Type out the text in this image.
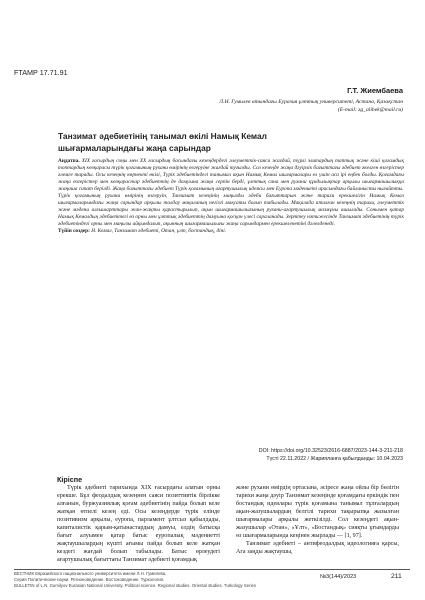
FTAMP 17.71.91
Г.Т. Жиембаева
Л.Н. Гумилев атындағы Еуразия ұлттық университеті, Астана, Қазақстан
(E-mail: zg_alibek@mail.ru)
Танзимат әдебиетінің танымал өкілі Намық Кемал
шығармаларындағы жаңа сарындар

Аңдатпа. XIX ғасырдың соңы мен XX ғасырдың басындағы кезеңдердегі әлеуметтік-саяси жағдай, түрлі элитардың таптық және кіші қоғамдық топтардың көзқарасы түрік қоғамының рухани өмірінің өзгеруіне жағдай туғызды. Сол кезеңде жаңа дәуірлік бағыттағы әдебиет әкелген өзгерістер әлемге тарады. Осы кезеңнің көрнекті өкілі, Түрік әдебиетіндегі танымал ақын Намық Кемал шығармалары ел үшін аса ірі еңбек болды. Қоғамдағы жаңа өзгерістер мен көзқарастар әдебиеттің де дамуына жаңа серпін берді, ұлттық сана мен рухани құндылықтар арқылы шығармашылыққа жаңаша сипат берілді. Жаңа бағыттағы әдебиет Түрік қоғамының ағартушылық идеясы мен Еуропа мәдениеті арасындағы байланысты нығайтты.

Түрік қоғамының рухани өмірінің өзгеруін, Танзимат кезеңінің маңызды әдеби бағыттарын және тарихи ерекшелігін Намық Кемал шығармаларындағы жаңа сарындар арқылы талдау мақаланың негізгі мақсаты болып табылады. Мақалада аталған кезеңнің тарихи, әлеуметтік және мәдени алғышарттары жан-жақты қарастырылып, ақын шығармашылығының рухани-ағартушылық мазмұны ашылады. Сонымен қатар Намық Кемалдың әдебиеттегі өз орны мен ұлттық әдебиеттің дамуына қосқан үлесі сараланады. Зерттеу нәтижесінде Танзимат әдебиетінің түрік әдебиетіндегі орны мен маңызы айқындалып, ақынның шығармашылығы жаңа сарындармен ерекшеленетіні дәлелденеді.

Түйін сөздер: Н. Кемал, Танзимат әдебиеті, Отан, ұлт, бостандық, діні.

DOI: https://doi.org/10.32523/2616-6887/2023-144-3-211-218
Түсті 22.11.2022 / Жарияланға қабылданды: 10.04.2023
Кіріспе

Түрік әдебиеті тарихында XIX ғасырдағы алатын орны ерекше. Бұл феодалдық кезеңнен саяси позиттивтік бірлікке алғанын, буржуазиялық қоғам әдебиетінің пайда болып келе жатқан өтпелі кезең еді. Осы кезеңдерде түрік елінде позитивизм арқылы, еуропа, парламент ұлтсыз қабылдады, капиталистік қарым-қатынастардың дамуы, елдің батысқа бағыт алуымен қатар батыс еуропалық мәдениетті жақтаушылардың күшті ағымы пайда болып келе жатқан кездегі жағдай болып табылады. Батыс өрлеудегі ағартушылық бағыттағы Танзимат әдебиеті қоғамдық

және рухани өмірдің ортасына, әсіресе жаңа ойлы бір бөлігін тарихи жаңа дәуір Танзимат кезеңінде қоғамдағы еркіндік пен бостандық идеялары түрік қоғамына танымал тұлғалардың ақын-жазушылардың белгілі тарихи тақырыпқа жазылған шығармалары арқылы жеткізілді. Сол кезеңдегі ақын-жазушылар «Отан», «Ұлт», «Бостандық» сияқты ұғымдарды өз шығармаларында кеңінен жырлады — [1, 97].

Танзимат әдебиеті – антифеодалдық идеологияға қарсы, Ага заңды жақтаушы,

ВЕСТНИК Евразийского национального университета имени Л.Н. Гумилева.
Серия Политические науки. Регионоведение. Востоковедение. Туркология.
BULLETIN of L.N. Gumilyov Eurasian National University. Political science. Regional studies. Oriental studies. Turkology Series
№3(144)/2023	211
